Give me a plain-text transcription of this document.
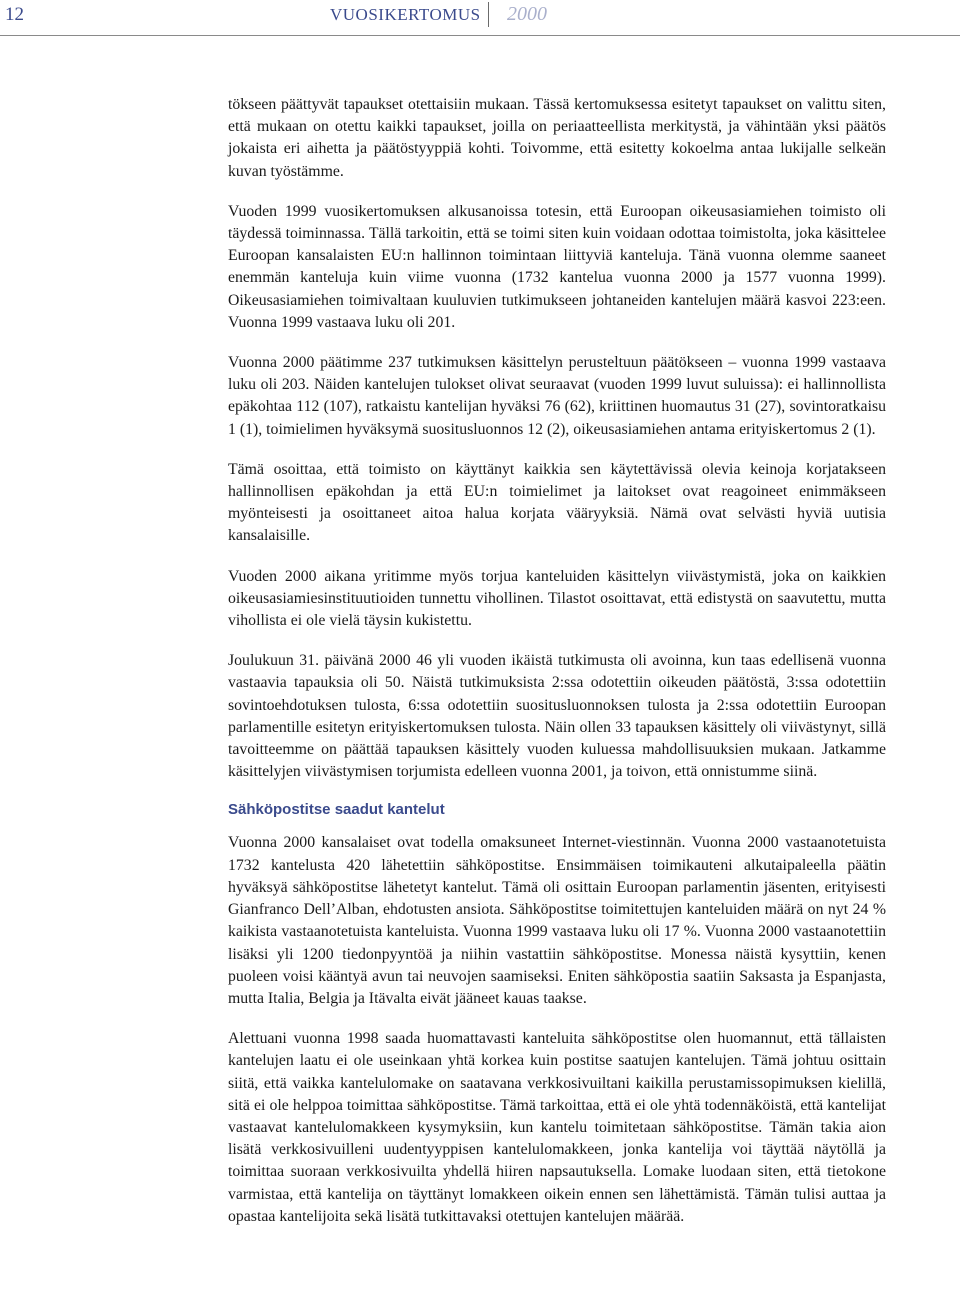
12	VUOSIKERTOMUS 2000

tökseen päättyvät tapaukset otettaisiin mukaan. Tässä kertomuksessa esitetyt tapaukset on valittu siten, että mukaan on otettu kaikki tapaukset, joilla on periaatteellista merkitystä, ja vähintään yksi päätös jokaista eri aihetta ja päätöstyyppiä kohti. Toivomme, että esitetty kokoelma antaa lukijalle selkeän kuvan työstämme.

Vuoden 1999 vuosikertomuksen alkusanoissa totesin, että Euroopan oikeusasiamiehen toimisto oli täydessä toiminnassa. Tällä tarkoitin, että se toimi siten kuin voidaan odottaa toimistolta, joka käsittelee Euroopan kansalaisten EU:n hallinnon toimintaan liittyviä kanteluja. Tänä vuonna olemme saaneet enemmän kanteluja kuin viime vuonna (1732 kantelua vuonna 2000 ja 1577 vuonna 1999). Oikeusasiamiehen toimivaltaan kuuluvien tutkimukseen johtaneiden kantelujen määrä kasvoi 223:een. Vuonna 1999 vastaava luku oli 201.

Vuonna 2000 päätimme 237 tutkimuksen käsittelyn perusteltuun päätökseen – vuonna 1999 vastaava luku oli 203. Näiden kantelujen tulokset olivat seuraavat (vuoden 1999 luvut suluissa): ei hallinnollista epäkohtaa 112 (107), ratkaistu kantelijan hyväksi 76 (62), kriittinen huomautus 31 (27), sovintoratkaisu 1 (1), toimielimen hyväksymä suositusluonnos 12 (2), oikeusasiamiehen antama erityiskertomus 2 (1).

Tämä osoittaa, että toimisto on käyttänyt kaikkia sen käytettävissä olevia keinoja korjatakseen hallinnollisen epäkohdan ja että EU:n toimielimet ja laitokset ovat reagoineet enimmäkseen myönteisesti ja osoittaneet aitoa halua korjata vääryyksiä. Nämä ovat selvästi hyviä uutisia kansalaisille.

Vuoden 2000 aikana yritimme myös torjua kanteluiden käsittelyn viivästymistä, joka on kaikkien oikeusasiamiesinstituutioiden tunnettu vihollinen. Tilastot osoittavat, että edistystä on saavutettu, mutta vihollista ei ole vielä täysin kukistettu.

Joulukuun 31. päivänä 2000 46 yli vuoden ikäistä tutkimusta oli avoinna, kun taas edellisenä vuonna vastaavia tapauksia oli 50. Näistä tutkimuksista 2:ssa odotettiin oikeuden päätöstä, 3:ssa odotettiin sovintoehdotuksen tulosta, 6:ssa odotettiin suositusluonnoksen tulosta ja 2:ssa odotettiin Euroopan parlamentille esitetyn erityiskertomuksen tulosta. Näin ollen 33 tapauksen käsittely oli viivästynyt, sillä tavoitteemme on päättää tapauksen käsittely vuoden kuluessa mahdollisuuksien mukaan. Jatkamme käsittelyjen viivästymisen torjumista edelleen vuonna 2001, ja toivon, että onnistumme siinä.

Sähköpostitse saadut kantelut

Vuonna 2000 kansalaiset ovat todella omaksuneet Internet-viestinnän. Vuonna 2000 vastaanotetuista 1732 kantelusta 420 lähetettiin sähköpostitse. Ensimmäisen toimikauteni alkutaipaleella päätin hyväksyä sähköpostitse lähetetyt kantelut. Tämä oli osittain Euroopan parlamentin jäsenten, erityisesti Gianfranco Dell’Alban, ehdotusten ansiota. Sähköpostitse toimitettujen kanteluiden määrä on nyt 24 % kaikista vastaanotetuista kanteluista. Vuonna 1999 vastaava luku oli 17 %. Vuonna 2000 vastaanotettiin lisäksi yli 1200 tiedonpyyntöä ja niihin vastattiin sähköpostitse. Monessa näistä kysyttiin, kenen puoleen voisi kääntyä avun tai neuvojen saamiseksi. Eniten sähköpostia saatiin Saksasta ja Espanjasta, mutta Italia, Belgia ja Itävalta eivät jääneet kauas taakse.

Alettuani vuonna 1998 saada huomattavasti kanteluita sähköpostitse olen huomannut, että tällaisten kantelujen laatu ei ole useinkaan yhtä korkea kuin postitse saatujen kantelujen. Tämä johtuu osittain siitä, että vaikka kantelulomake on saatavana verkkosivuiltani kaikilla perustamissopimuksen kielillä, sitä ei ole helppoa toimittaa sähköpostitse. Tämä tarkoittaa, että ei ole yhtä todennäköistä, että kantelijat vastaavat kantelulomakkeen kysymyksiin, kun kantelu toimitetaan sähköpostitse. Tämän takia aion lisätä verkkosivuilleni uudentyyppisen kantelulomakkeen, jonka kantelija voi täyttää näytöllä ja toimittaa suoraan verkkosivuilta yhdellä hiiren napsautuksella. Lomake luodaan siten, että tietokone varmistaa, että kantelija on täyttänyt lomakkeen oikein ennen sen lähettämistä. Tämän tulisi auttaa ja opastaa kantelijoita sekä lisätä tutkittavaksi otettujen kantelujen määrää.
